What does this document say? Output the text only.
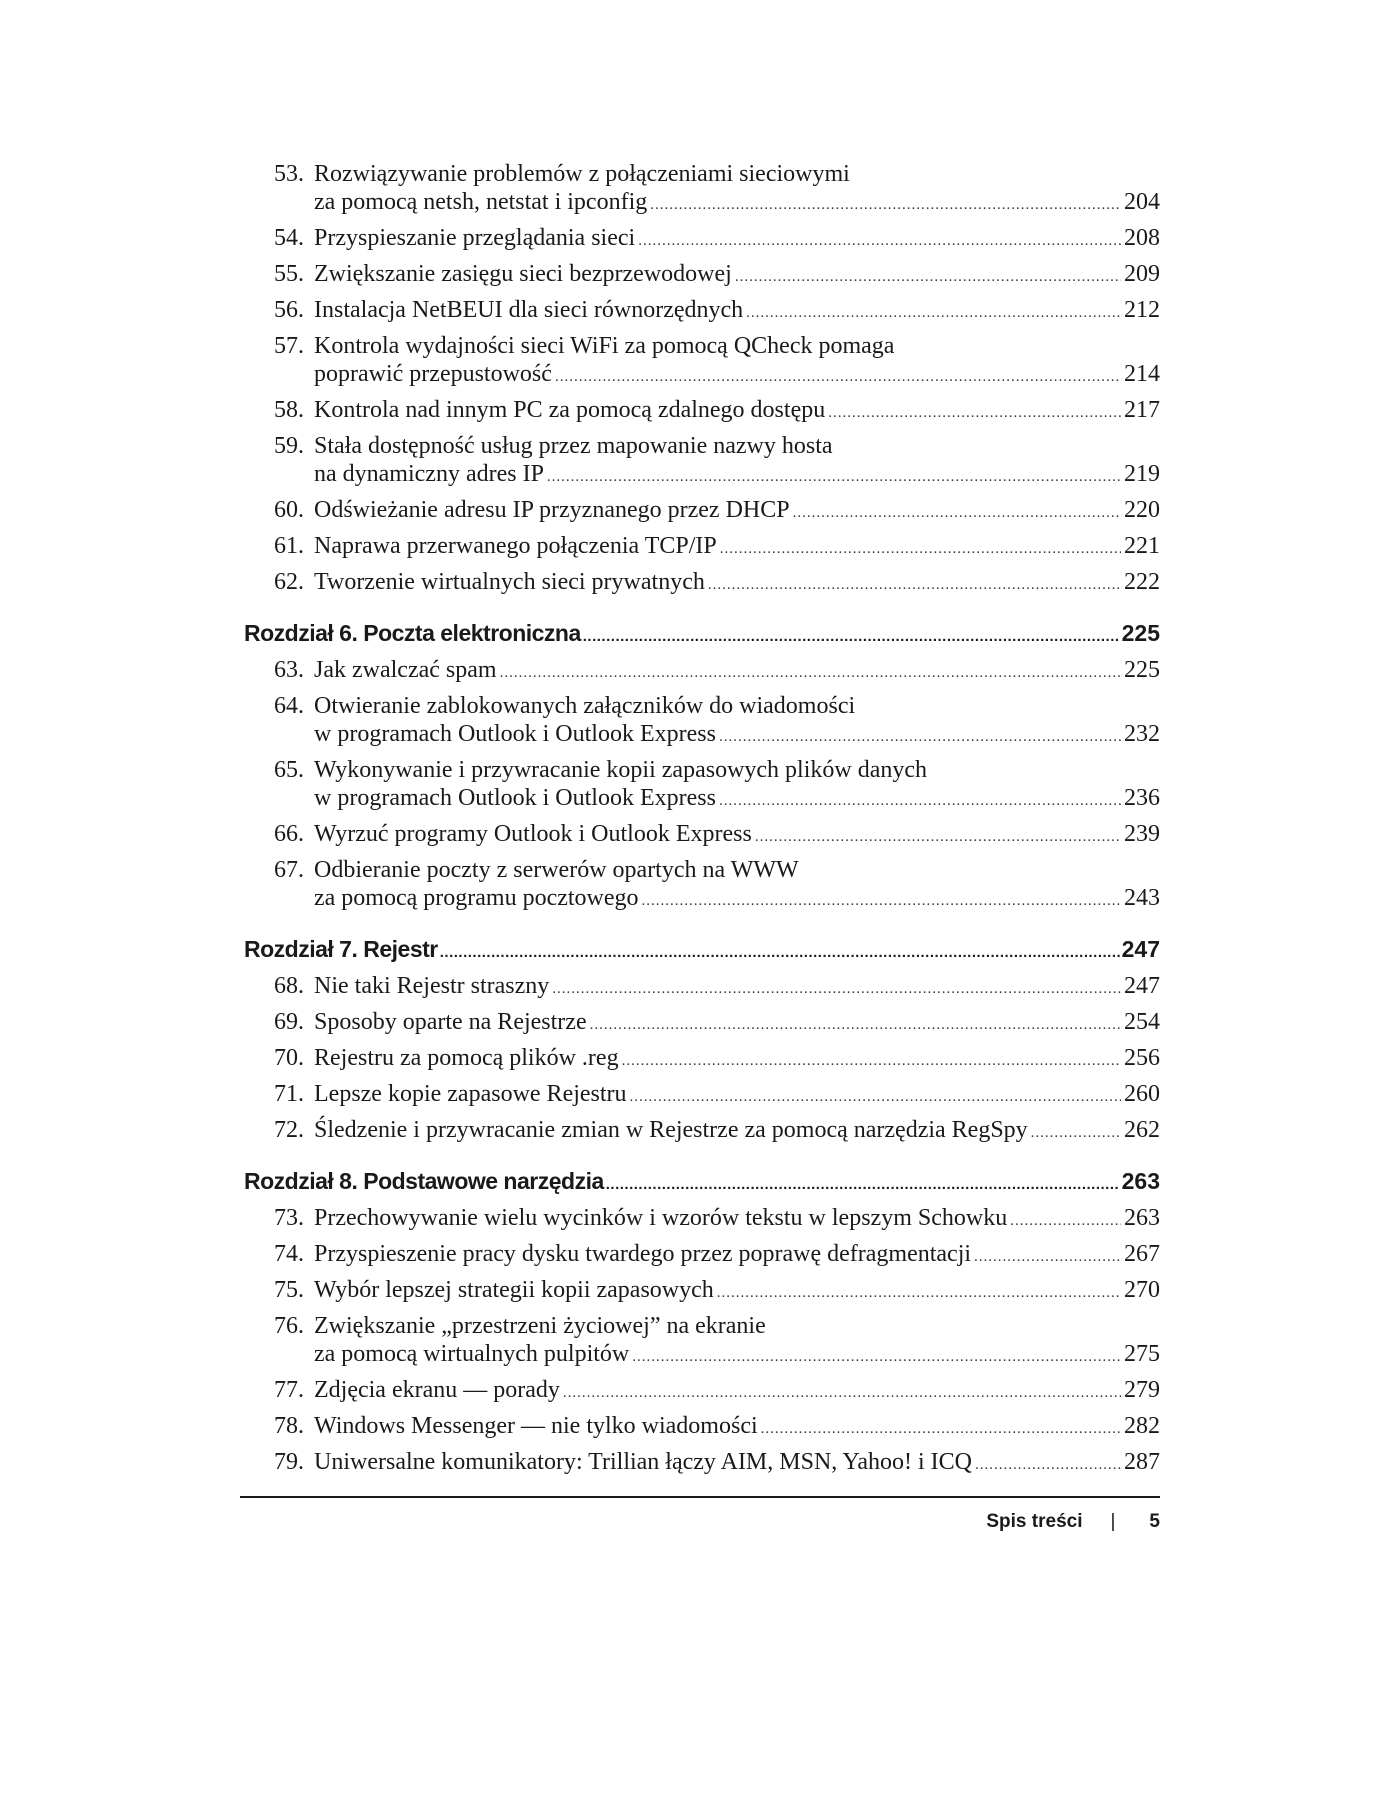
53. Rozwiązywanie problemów z połączeniami sieciowymi
za pomocą netsh, netstat i ipconfig .....	204
54. Przyspieszanie przeglądania sieci .....	208
55. Zwiększanie zasięgu sieci bezprzewodowej .....	209
56. Instalacja NetBEUI dla sieci równorzędnych .....	212
57. Kontrola wydajności sieci WiFi za pomocą QCheck pomaga
poprawić przepustowość .....	214
58. Kontrola nad innym PC za pomocą zdalnego dostępu .....	217
59. Stała dostępność usług przez mapowanie nazwy hosta
na dynamiczny adres IP .....	219
60. Odświeżanie adresu IP przyznanego przez DHCP .....	220
61. Naprawa przerwanego połączenia TCP/IP .....	221
62. Tworzenie wirtualnych sieci prywatnych .....	222
Rozdział 6. Poczta elektroniczna .....	225
63. Jak zwalczać spam .....	225
64. Otwieranie zablokowanych załączników do wiadomości
w programach Outlook i Outlook Express .....	232
65. Wykonywanie i przywracanie kopii zapasowych plików danych
w programach Outlook i Outlook Express .....	236
66. Wyrzuć programy Outlook i Outlook Express .....	239
67. Odbieranie poczty z serwerów opartych na WWW
za pomocą programu pocztowego .....	243
Rozdział 7. Rejestr .....	247
68. Nie taki Rejestr straszny .....	247
69. Sposoby oparte na Rejestrze .....	254
70. Rejestru za pomocą plików .reg .....	256
71. Lepsze kopie zapasowe Rejestru .....	260
72. Śledzenie i przywracanie zmian w Rejestrze za pomocą narzędzia RegSpy .....	262
Rozdział 8. Podstawowe narzędzia .....	263
73. Przechowywanie wielu wycinków i wzorów tekstu w lepszym Schowku .....	263
74. Przyspieszenie pracy dysku twardego przez poprawę defragmentacji .....	267
75. Wybór lepszej strategii kopii zapasowych .....	270
76. Zwiększanie „przestrzeni życiowej” na ekranie
za pomocą wirtualnych pulpitów .....	275
77. Zdjęcia ekranu — porady .....	279
78. Windows Messenger — nie tylko wiadomości .....	282
79. Uniwersalne komunikatory: Trillian łączy AIM, MSN, Yahoo! i ICQ .....	287
Spis treści | 5
